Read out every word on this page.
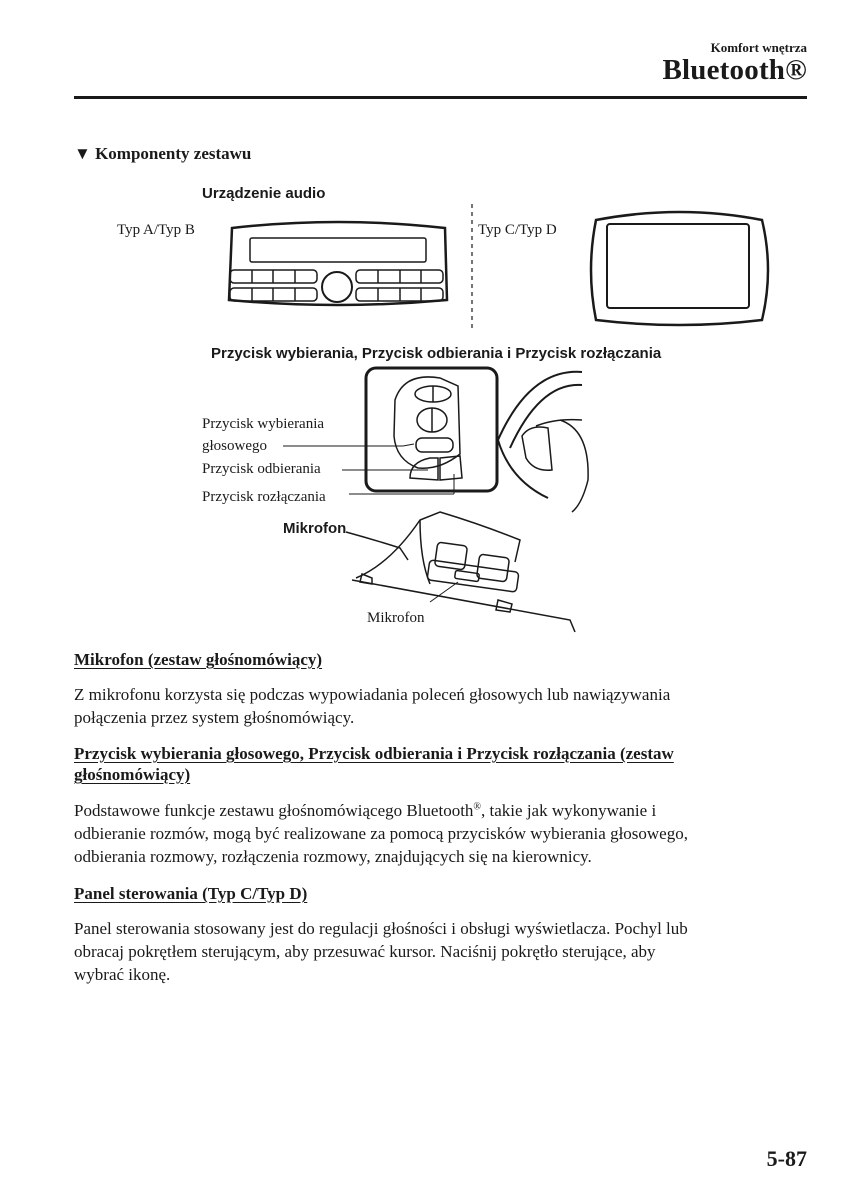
Komfort wnętrza
Bluetooth®
▼ Komponenty zestawu
Urządzenie audio
Typ A/Typ B	Typ C/Typ D
Przycisk wybierania, Przycisk odbierania i Przycisk rozłączania
Przycisk wybierania
głosowego
Przycisk odbierania
Przycisk rozłączania
Mikrofon
Mikrofon
Mikrofon (zestaw głośnomówiący)
Z mikrofonu korzysta się podczas wypowiadania poleceń głosowych lub nawiązywania
połączenia przez system głośnomówiący.
Przycisk wybierania głosowego, Przycisk odbierania i Przycisk rozłączania (zestaw
głośnomówiący)
Podstawowe funkcje zestawu głośnomówiącego Bluetooth®, takie jak wykonywanie i
odbieranie rozmów, mogą być realizowane za pomocą przycisków wybierania głosowego,
odbierania rozmowy, rozłączenia rozmowy, znajdujących się na kierownicy.
Panel sterowania (Typ C/Typ D)
Panel sterowania stosowany jest do regulacji głośności i obsługi wyświetlacza. Pochyl lub
obracaj pokrętłem sterującym, aby przesuwać kursor. Naciśnij pokrętło sterujące, aby
wybrać ikonę.
5-87
